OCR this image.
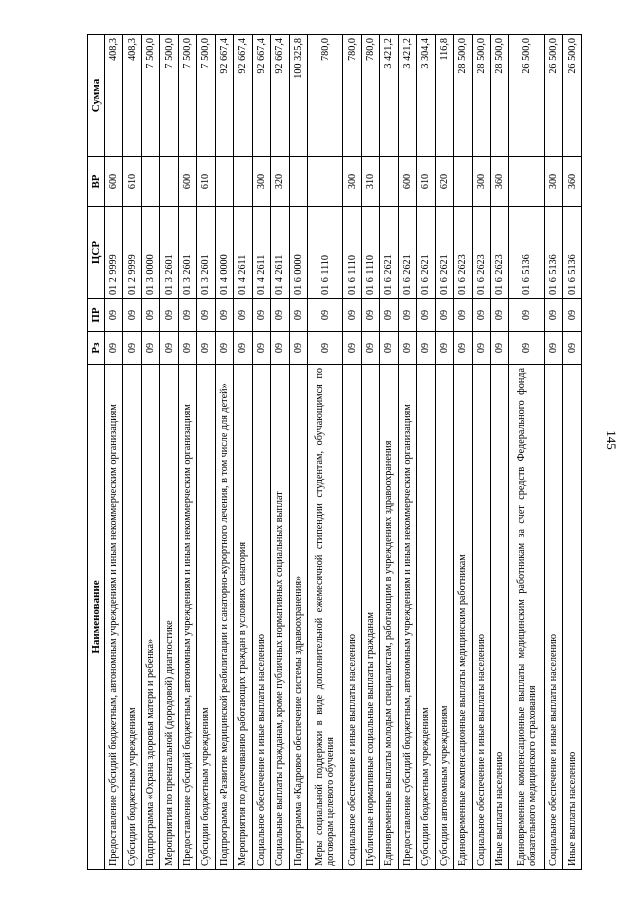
145
Наименование	Рз	ПР	ЦСР	ВР	Сумма
Предоставление субсидий бюджетным, автономным учреждениям и иным некоммерческим организациям	09	09	01 2 9999	600	408,3
Субсидии бюджетным учреждениям	09	09	01 2 9999	610	408,3
Подпрограмма «Охрана здоровья матери и ребенка»	09	09	01 3 0000		7 500,0
Мероприятия по пренатальной (дородовой) диагностике	09	09	01 3 2601		7 500,0
Предоставление субсидий бюджетным, автономным учреждениям и иным некоммерческим организациям	09	09	01 3 2601	600	7 500,0
Субсидии бюджетным учреждениям	09	09	01 3 2601	610	7 500,0
Подпрограмма «Развитие медицинской реабилитации и санаторно-курортного лечения, в том числе для детей»	09	09	01 4 0000		92 667,4
Мероприятия по долечиванию работающих граждан в условиях санатория	09	09	01 4 2611		92 667,4
Социальное обеспечение и иные выплаты населению	09	09	01 4 2611	300	92 667,4
Социальные выплаты гражданам, кроме публичных нормативных социальных выплат	09	09	01 4 2611	320	92 667,4
Подпрограмма «Кадровое обеспечение системы здравоохранения»	09	09	01 6 0000		100 325,8
Меры социальной поддержки в виде дополнительной ежемесячной стипендии студентам, обучающимся по договорам целевого обучения	09	09	01 6 1110		780,0
Социальное обеспечение и иные выплаты населению	09	09	01 6 1110	300	780,0
Публичные нормативные социальные выплаты гражданам	09	09	01 6 1110	310	780,0
Единовременные выплаты молодым специалистам, работающим в учреждениях здравоохранения	09	09	01 6 2621		3 421,2
Предоставление субсидий бюджетным, автономным учреждениям и иным некоммерческим организациям	09	09	01 6 2621	600	3 421,2
Субсидии бюджетным учреждениям	09	09	01 6 2621	610	3 304,4
Субсидии автономным учреждениям	09	09	01 6 2621	620	116,8
Единовременные компенсационные выплаты медицинским работникам	09	09	01 6 2623		28 500,0
Социальное обеспечение и иные выплаты населению	09	09	01 6 2623	300	28 500,0
Иные выплаты населению	09	09	01 6 2623	360	28 500,0
Единовременные компенсационные выплаты медицинским работникам за счет средств Федерального фонда обязательного медицинского страхования	09	09	01 6 5136		26 500,0
Социальное обеспечение и иные выплаты населению	09	09	01 6 5136	300	26 500,0
Иные выплаты населению	09	09	01 6 5136	360	26 500,0
